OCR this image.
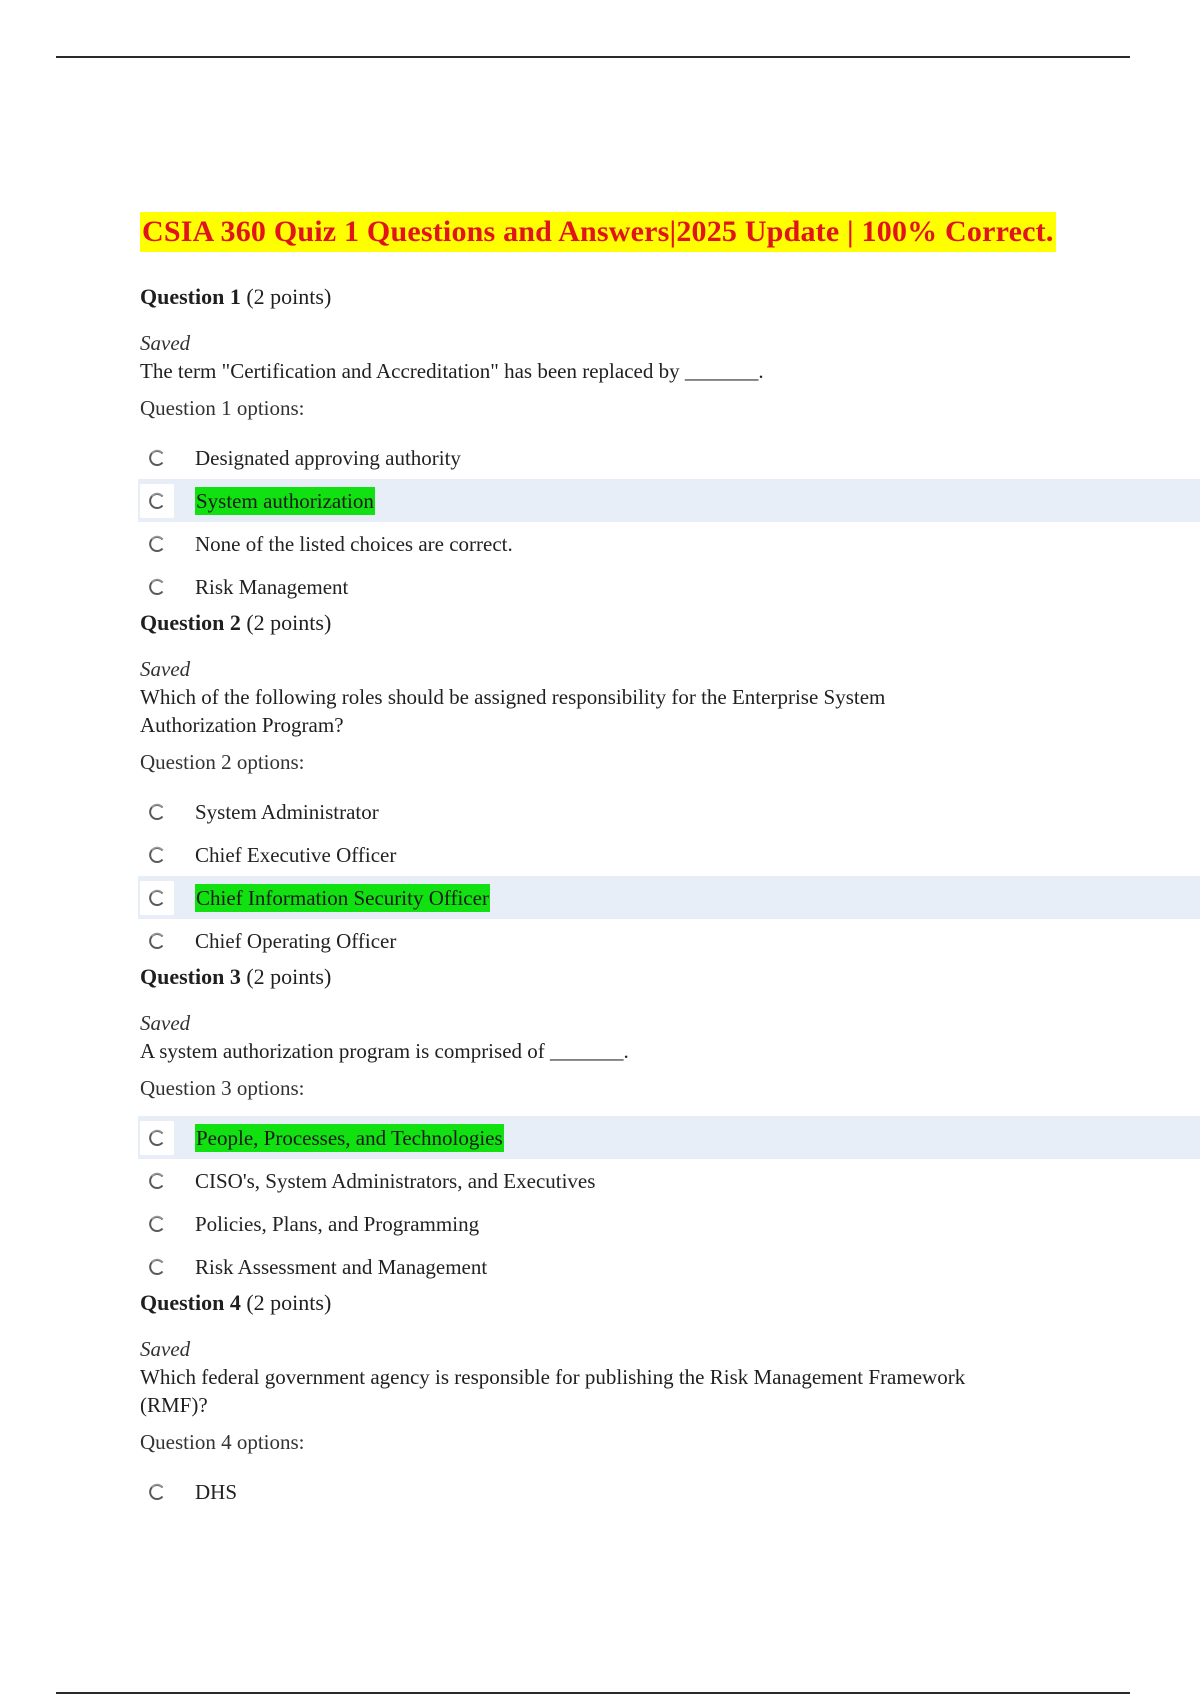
CSIA 360 Quiz 1 Questions and Answers|2025 Update | 100% Correct.
Question 1 (2 points)
Saved
The term "Certification and Accreditation" has been replaced by _______.
Question 1 options:
Designated approving authority
System authorization
None of the listed choices are correct.
Risk Management
Question 2 (2 points)
Saved
Which of the following roles should be assigned responsibility for the Enterprise System Authorization Program?
Question 2 options:
System Administrator
Chief Executive Officer
Chief Information Security Officer
Chief Operating Officer
Question 3 (2 points)
Saved
A system authorization program is comprised of _______.
Question 3 options:
People, Processes, and Technologies
CISO's, System Administrators, and Executives
Policies, Plans, and Programming
Risk Assessment and Management
Question 4 (2 points)
Saved
Which federal government agency is responsible for publishing the Risk Management Framework (RMF)?
Question 4 options:
DHS
